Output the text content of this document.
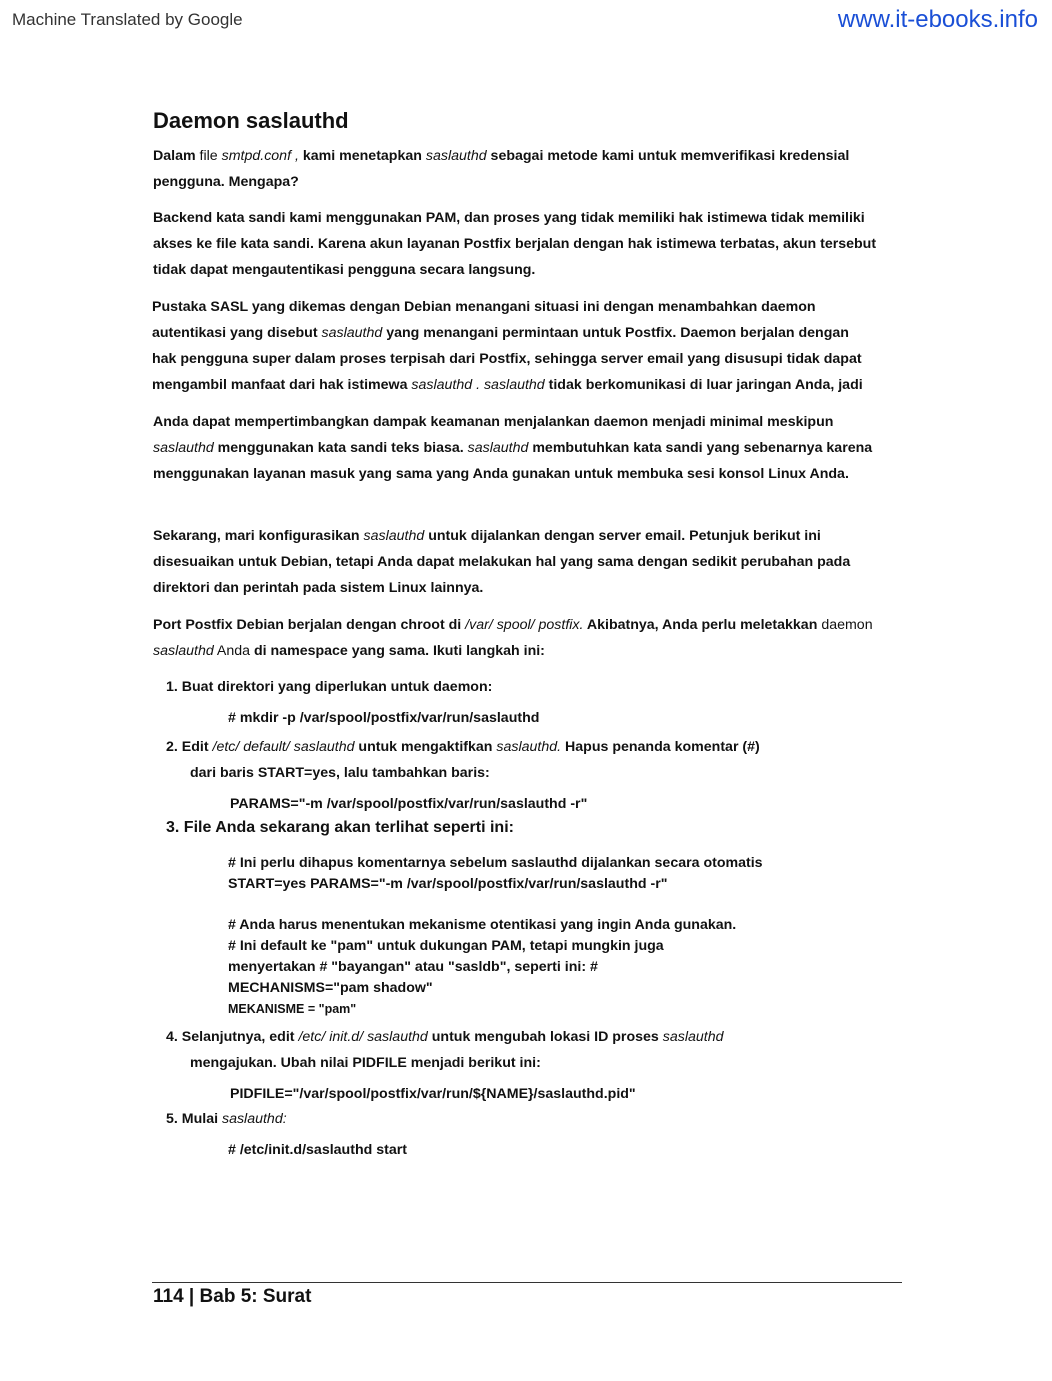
Machine Translated by Google	www.it-ebooks.info
Daemon saslauthd
Dalam file smtpd.conf , kami menetapkan saslauthd sebagai metode kami untuk memverifikasi kredensial
pengguna. Mengapa?
Backend kata sandi kami menggunakan PAM, dan proses yang tidak memiliki hak istimewa tidak memiliki
akses ke file kata sandi. Karena akun layanan Postfix berjalan dengan hak istimewa terbatas, akun tersebut
tidak dapat mengautentikasi pengguna secara langsung.
Pustaka SASL yang dikemas dengan Debian menangani situasi ini dengan menambahkan daemon
autentikasi yang disebut saslauthd yang menangani permintaan untuk Postfix. Daemon berjalan dengan
hak pengguna super dalam proses terpisah dari Postfix, sehingga server email yang disusupi tidak dapat
mengambil manfaat dari hak istimewa saslauthd . saslauthd tidak berkomunikasi di luar jaringan Anda, jadi
Anda dapat mempertimbangkan dampak keamanan menjalankan daemon menjadi minimal meskipun
saslauthd menggunakan kata sandi teks biasa. saslauthd membutuhkan kata sandi yang sebenarnya karena
menggunakan layanan masuk yang sama yang Anda gunakan untuk membuka sesi konsol Linux Anda.
Sekarang, mari konfigurasikan saslauthd untuk dijalankan dengan server email. Petunjuk berikut ini
disesuaikan untuk Debian, tetapi Anda dapat melakukan hal yang sama dengan sedikit perubahan pada
direktori dan perintah pada sistem Linux lainnya.
Port Postfix Debian berjalan dengan chroot di /var/ spool/ postfix. Akibatnya, Anda perlu meletakkan daemon
saslauthd Anda di namespace yang sama. Ikuti langkah ini:
1. Buat direktori yang diperlukan untuk daemon:
# mkdir -p /var/spool/postfix/var/run/saslauthd
2. Edit /etc/ default/ saslauthd untuk mengaktifkan saslauthd. Hapus penanda komentar (#)
dari baris START=yes, lalu tambahkan baris:
PARAMS="-m /var/spool/postfix/var/run/saslauthd -r"
3. File Anda sekarang akan terlihat seperti ini:
# Ini perlu dihapus komentarnya sebelum saslauthd dijalankan secara otomatis
START=yes PARAMS="-m /var/spool/postfix/var/run/saslauthd -r"
# Anda harus menentukan mekanisme otentikasi yang ingin Anda gunakan.
# Ini default ke "pam" untuk dukungan PAM, tetapi mungkin juga
menyertakan # "bayangan" atau "sasldb", seperti ini: #
MECHANISMS="pam shadow"
MEKANISME = "pam"
4. Selanjutnya, edit /etc/ init.d/ saslauthd untuk mengubah lokasi ID proses saslauthd
mengajukan. Ubah nilai PIDFILE menjadi berikut ini:
PIDFILE="/var/spool/postfix/var/run/${NAME}/saslauthd.pid"
5. Mulai saslauthd:
# /etc/init.d/saslauthd start
114 | Bab 5: Surat
